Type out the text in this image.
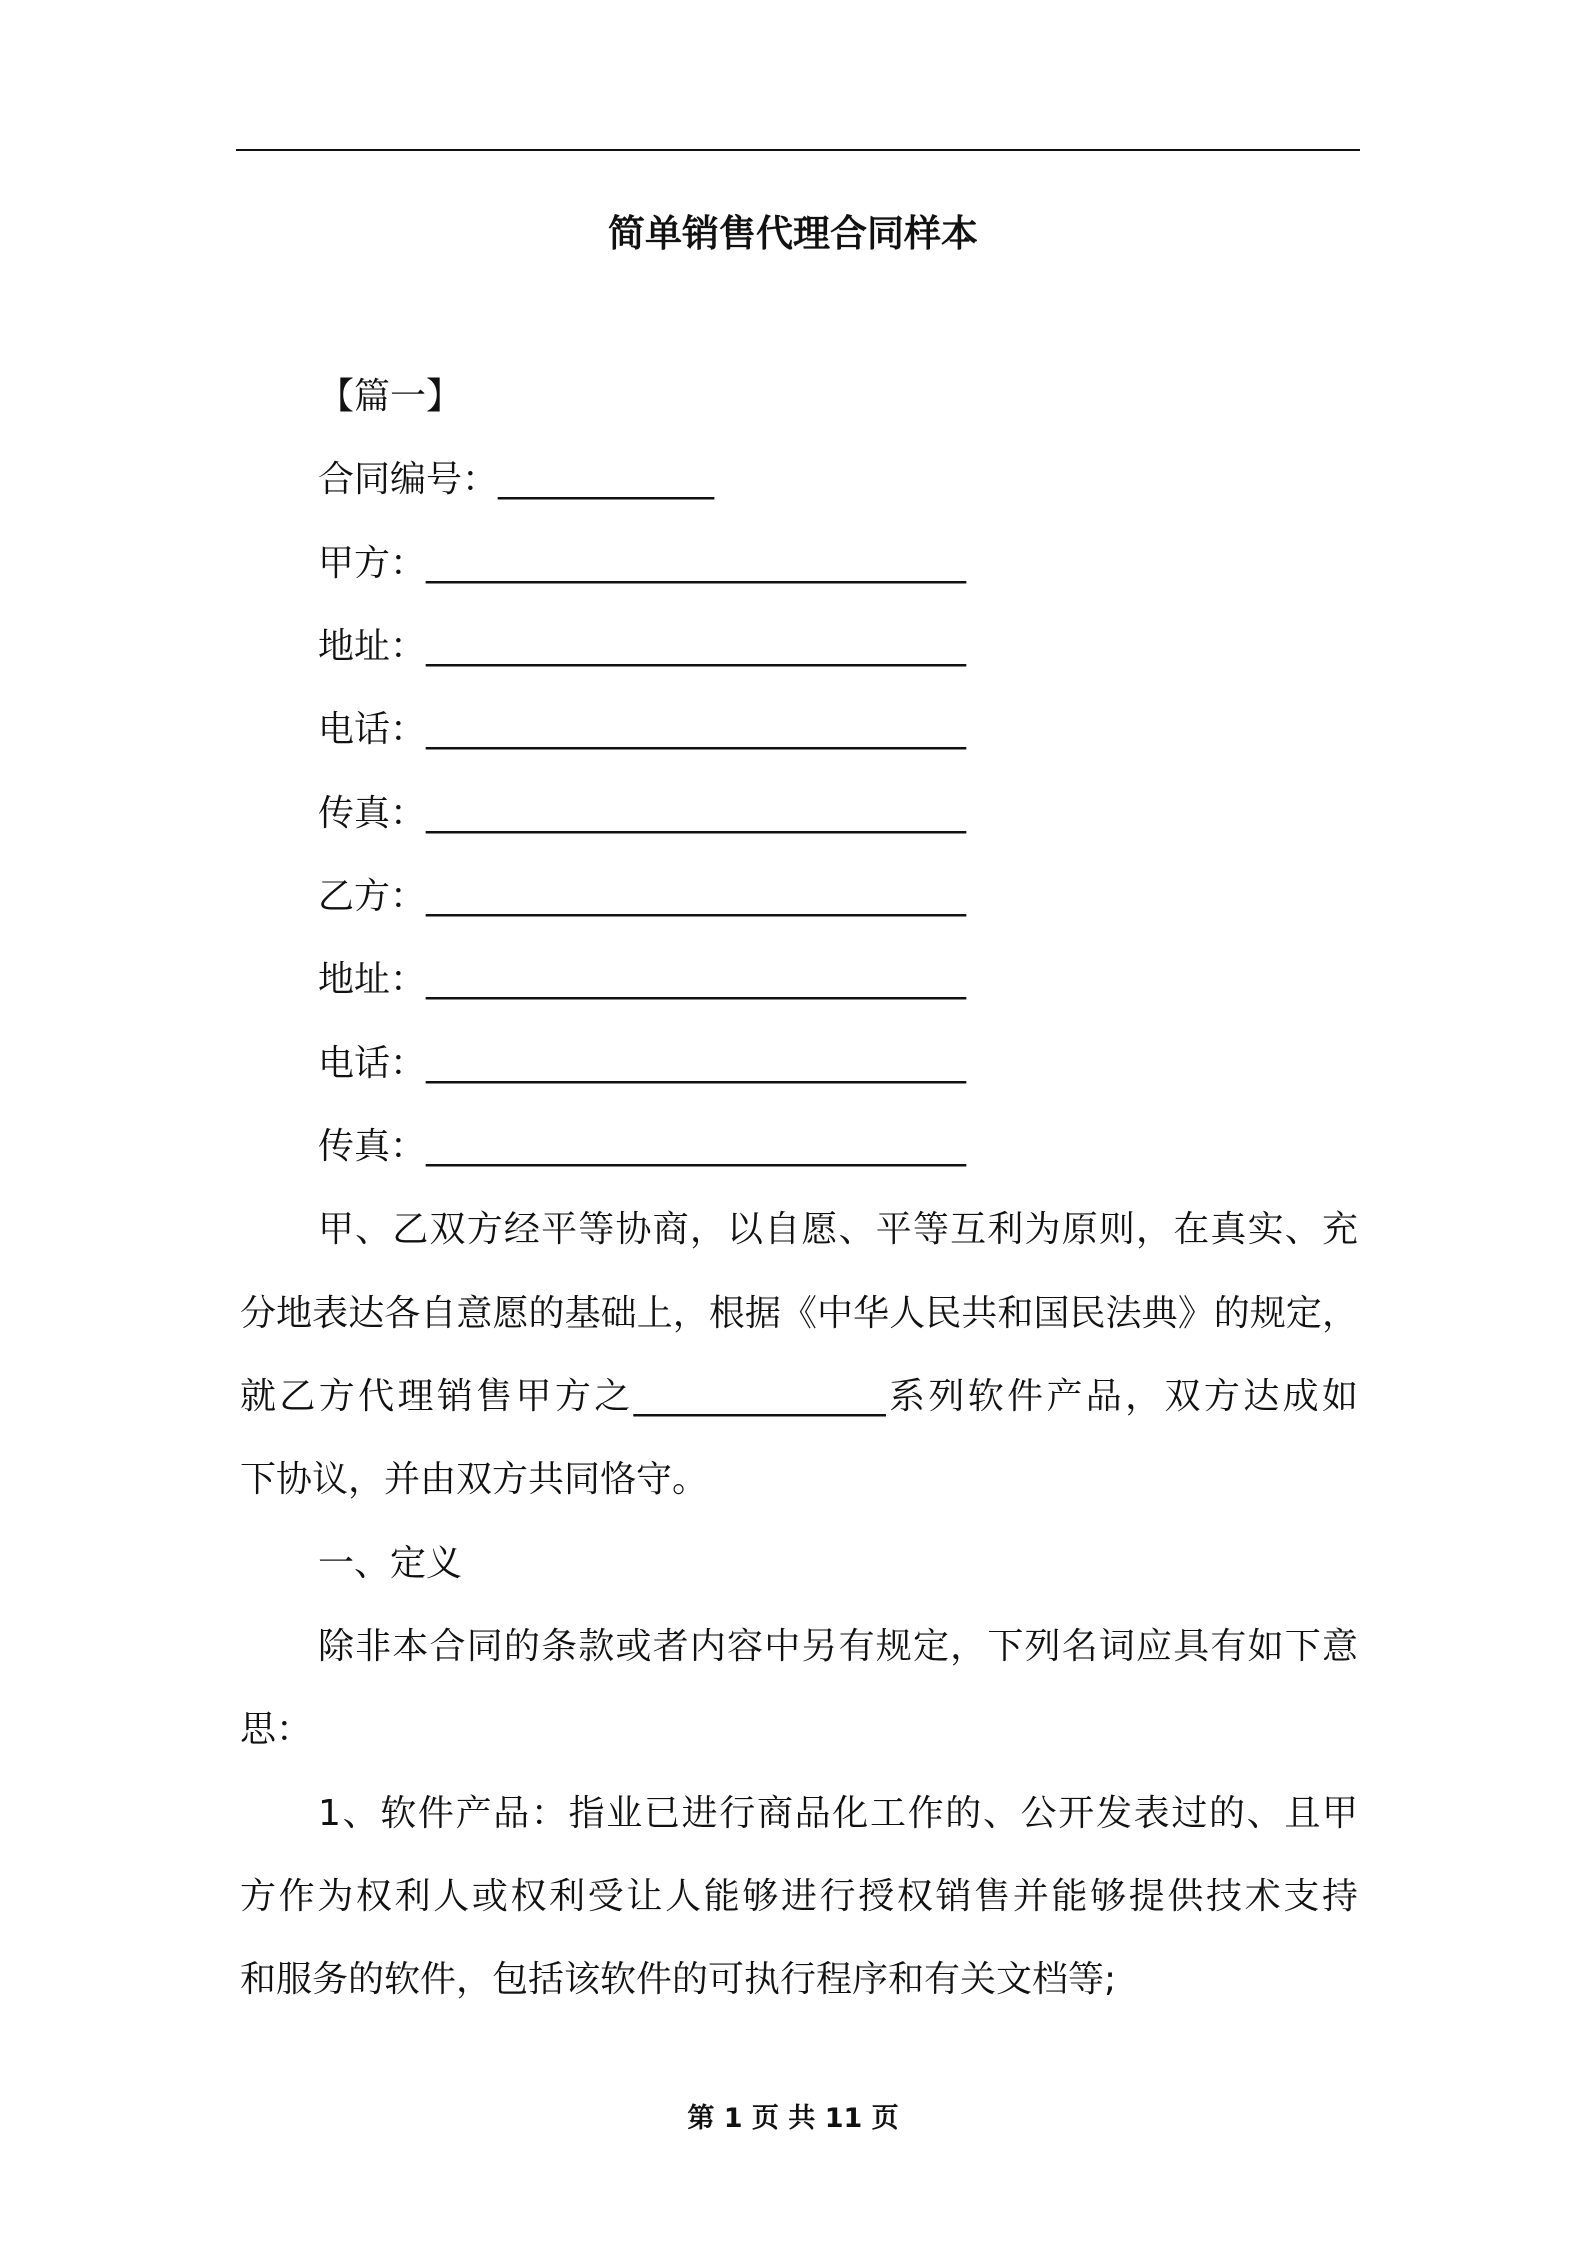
简单销售代理合同样本
【篇一】
合同编号：____________
甲方：______________________________
地址：______________________________
电话：______________________________
传真：______________________________
乙方：______________________________
地址：______________________________
电话：______________________________
传真：______________________________
甲、乙双方经平等协商，以自愿、平等互利为原则，在真实、充
分地表达各自意愿的基础上，根据《中华人民共和国民法典》的规定，
就乙方代理销售甲方之______________系列软件产品，双方达成如
下协议，并由双方共同恪守。
一、定义
除非本合同的条款或者内容中另有规定，下列名词应具有如下意
思：
1、软件产品：指业已进行商品化工作的、公开发表过的、且甲
方作为权利人或权利受让人能够进行授权销售并能够提供技术支持
和服务的软件，包括该软件的可执行程序和有关文档等;
第 1 页 共 11 页
